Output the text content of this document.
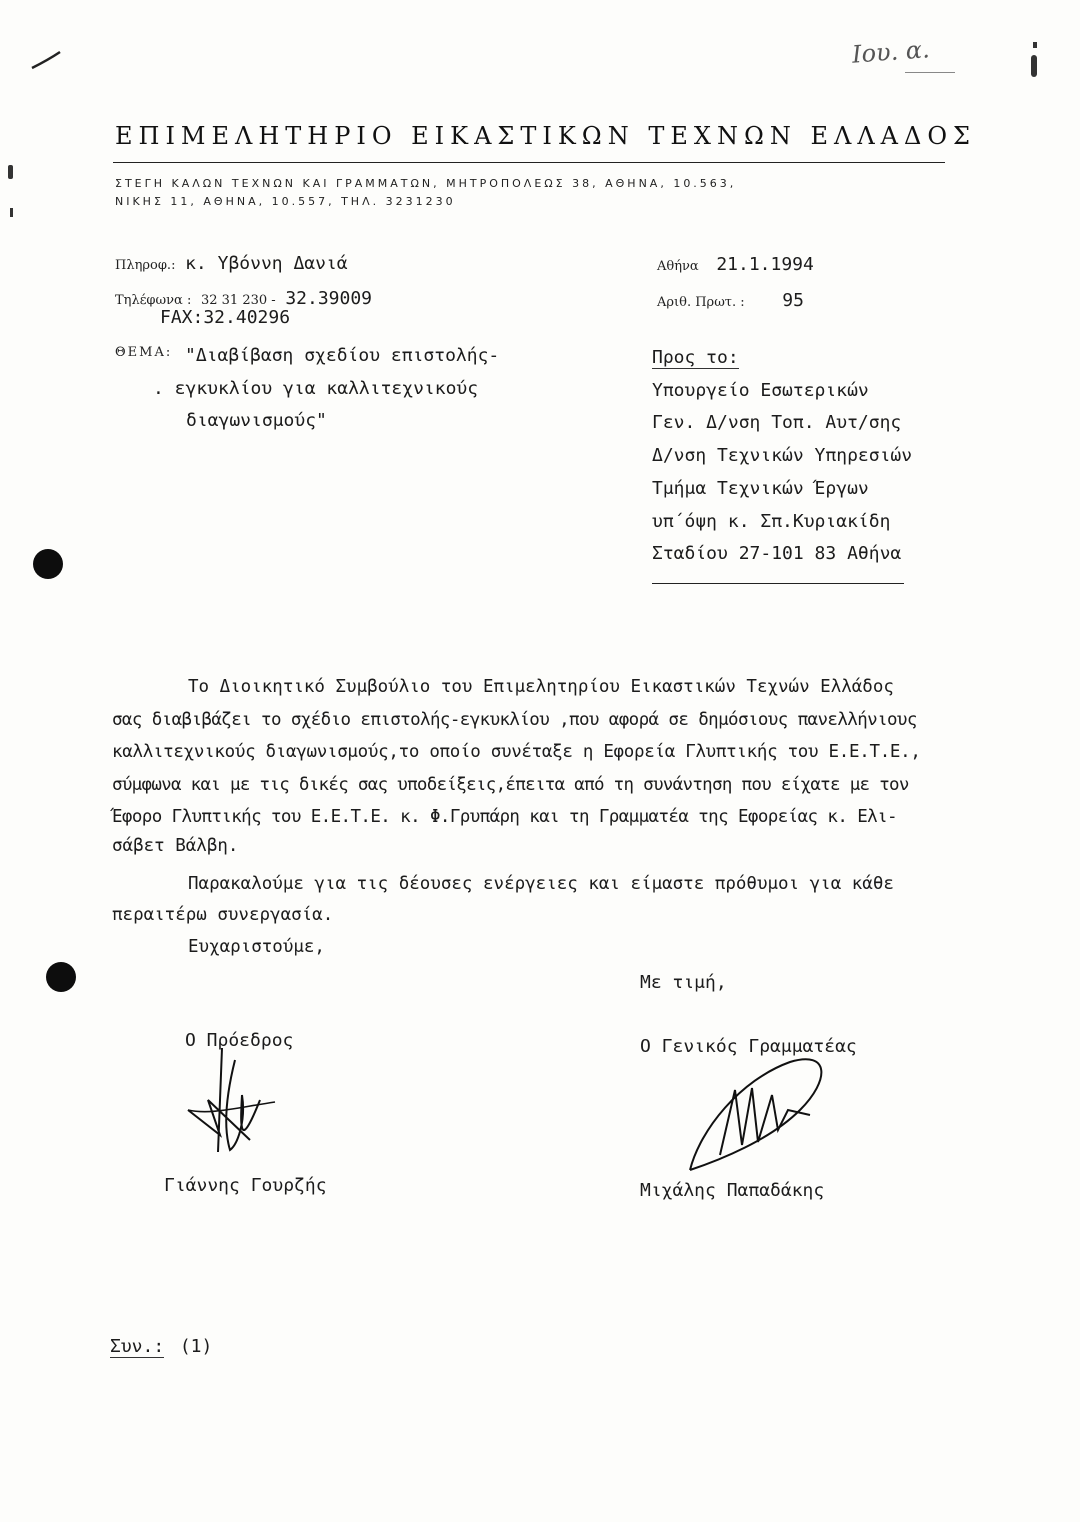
Ιου. α.
ΕΠΙΜΕΛΗΤΗΡΙΟ ΕΙΚΑΣΤΙΚΩΝ ΤΕΧΝΩΝ ΕΛΛΑΔΟΣ
ΣΤΕΓΗ ΚΑΛΩΝ ΤΕΧΝΩΝ ΚΑΙ ΓΡΑΜΜΑΤΩΝ, ΜΗΤΡΟΠΟΛΕΩΣ 38, ΑΘΗΝΑ, 10.563,
ΝΙΚΗΣ 11, ΑΘΗΝΑ, 10.557, ΤΗΛ. 3231230
Πληροφ.: κ. Υβόννη Δανιά
Τηλέφωνα : 32 31 230 - 32.39009
FAX:32.40296
ΘΕΜΑ: "Διαβίβαση σχεδίου επιστολής-
. εγκυκλίου για καλλιτεχνικούς
διαγωνισμούς"
Αθήνα 21.1.1994
Αριθ. Πρωτ. : 95
Προς το:
Υπουργείο Εσωτερικών
Γεν. Δ/νση Τοπ. Αυτ/σης
Δ/νση Τεχνικών Υπηρεσιών
Τμήμα Τεχνικών Έργων
υπ΄όψη κ. Σπ.Κυριακίδη
Σταδίου 27-101 83 Αθήνα
Το Διοικητικό Συμβούλιο του Επιμελητηρίου Εικαστικών Τεχνών Ελλάδος
σας διαβιβάζει το σχέδιο επιστολής-εγκυκλίου ,που αφορά σε δημόσιους πανελλήνιους
καλλιτεχνικούς διαγωνισμούς,το οποίο συνέταξε η Εφορεία Γλυπτικής του Ε.Ε.Τ.Ε.,
σύμφωνα και με τις δικές σας υποδείξεις,έπειτα από τη συνάντηση που είχατε με τον
Έφορο Γλυπτικής του Ε.Ε.Τ.Ε. κ. Φ.Γρυπάρη και τη Γραμματέα της Εφορείας κ. Ελι-
σάβετ Βάλβη.
Παρακαλούμε για τις δέουσες ενέργειες και είμαστε πρόθυμοι για κάθε
περαιτέρω συνεργασία.
Ευχαριστούμε,
Με τιμή,
Ο Πρόεδρος	Ο Γενικός Γραμματέας
Γιάννης Γουρζής	Μιχάλης Παπαδάκης
Συν.: (1)
